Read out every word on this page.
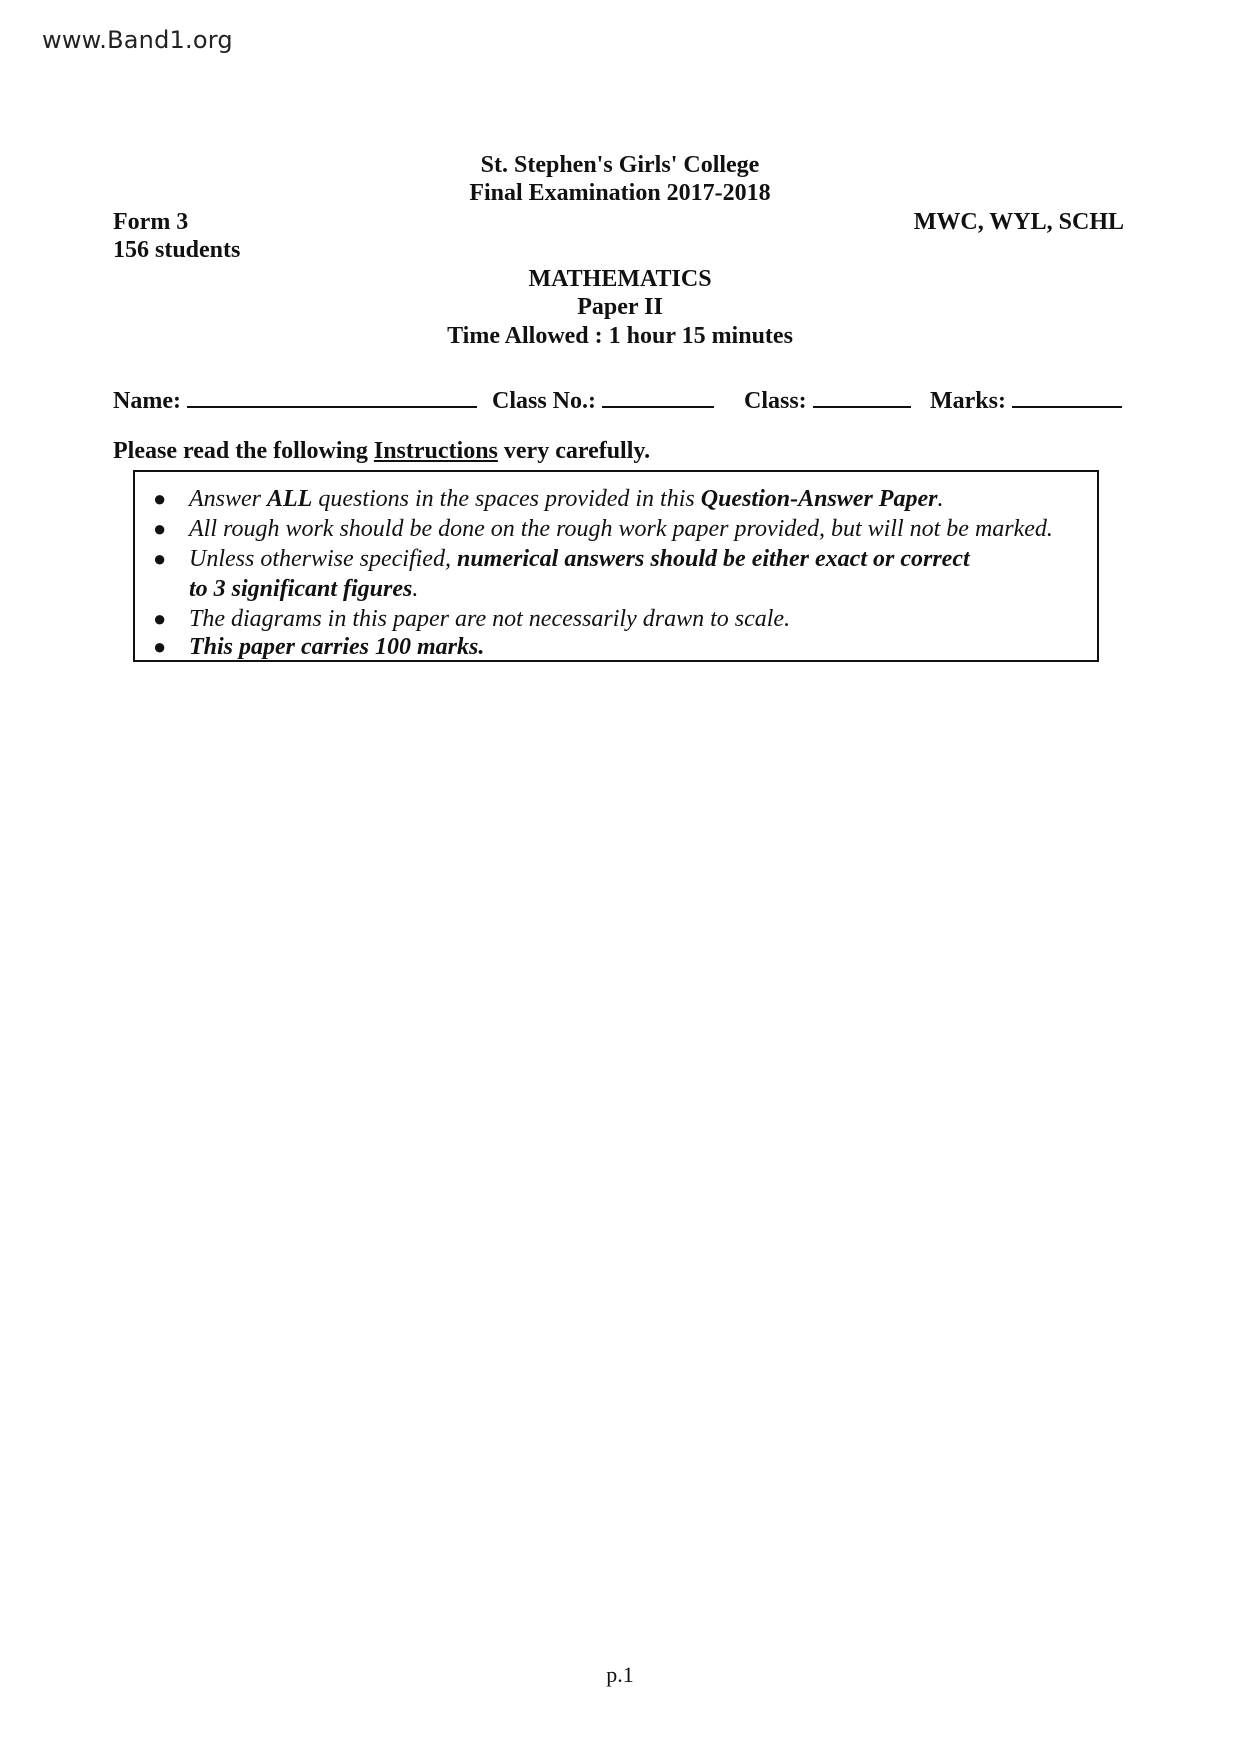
www.Band1.org
St. Stephen's Girls' College
Final Examination 2017-2018
Form 3
156 students
MWC, WYL, SCHL
MATHEMATICS
Paper II
Time Allowed : 1 hour 15 minutes
Name:	Class No.:	Class:	Marks:
Please read the following Instructions very carefully.
● Answer ALL questions in the spaces provided in this Question-Answer Paper.
● All rough work should be done on the rough work paper provided, but will not be marked.
● Unless otherwise specified, numerical answers should be either exact or correct
to 3 significant figures.
● The diagrams in this paper are not necessarily drawn to scale.
● This paper carries 100 marks.
p.1
